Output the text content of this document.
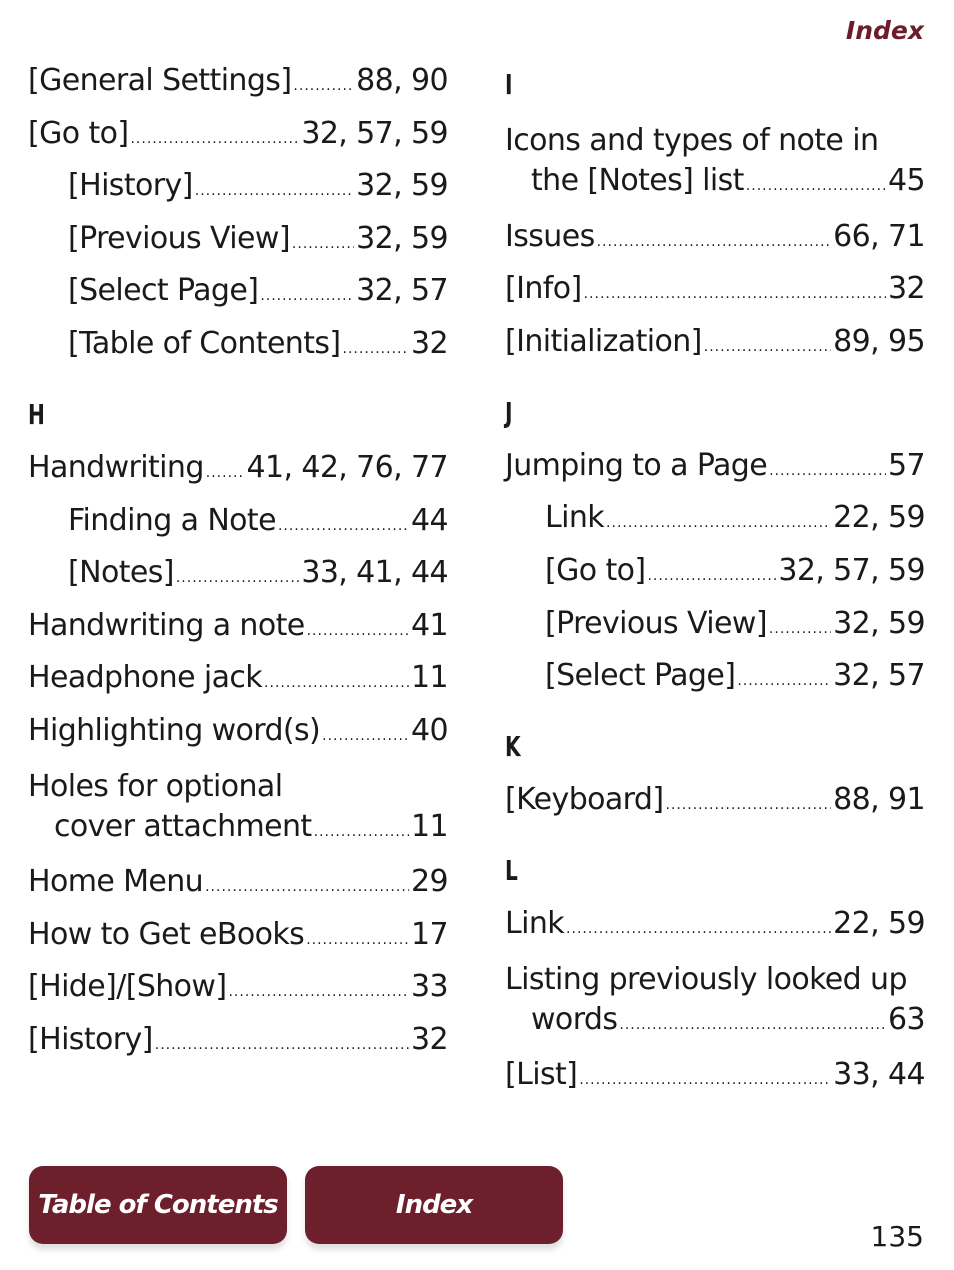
Index
[General Settings] ..... 88, 90
[Go to] .....	32, 57, 59
[History] .....	32, 59
[Previous View] ..... 32, 59
[Select Page] .....	32, 57
[Table of Contents] ..... 32
H
Handwriting ..... 41, 42, 76, 77
Finding a Note .....	44
[Notes] .....	33, 41, 44
Handwriting a note .....	41
Headphone jack .....	11
Highlighting word(s) .....	40
Holes for optional
cover attachment .....	11
Home Menu .....	29
How to Get eBooks .....	17
[Hide]/[Show] .....	33
[History] .....	32
I
Icons and types of note in
the [Notes] list .....	45
Issues .....	66, 71
[Info] .....	32
[Initialization] .....	89, 95
J
Jumping to a Page .....	57
Link .....	22, 59
[Go to] .....	32, 57, 59
[Previous View] ..... 32, 59
[Select Page] .....	32, 57
K
[Keyboard] .....	88, 91
L
Link .....	22, 59
Listing previously looked up
words .....	63
[List] .....	33, 44
Table of Contents	Index
135
